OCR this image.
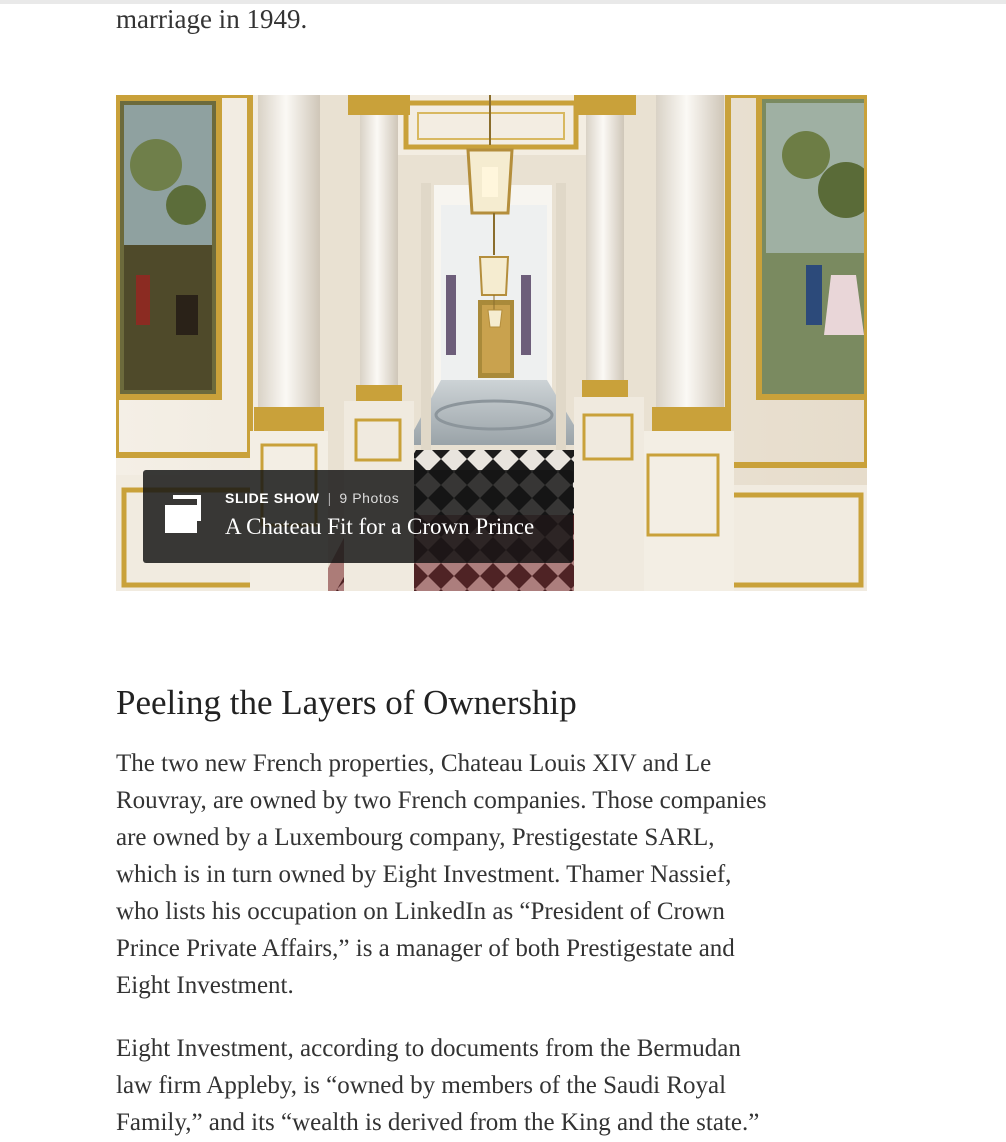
marriage in 1949.

SLIDE SHOW | 9 Photos
A Chateau Fit for a Crown Prince
Peeling the Layers of Ownership

The two new French properties, Chateau Louis XIV and Le
Rouvray, are owned by two French companies. Those companies
are owned by a Luxembourg company, Prestigestate SARL,
which is in turn owned by Eight Investment. Thamer Nassief,
who lists his occupation on LinkedIn as “President of Crown
Prince Private Affairs,” is a manager of both Prestigestate and
Eight Investment.

Eight Investment, according to documents from the Bermudan
law firm Appleby, is “owned by members of the Saudi Royal
Family,” and its “wealth is derived from the King and the state.”
